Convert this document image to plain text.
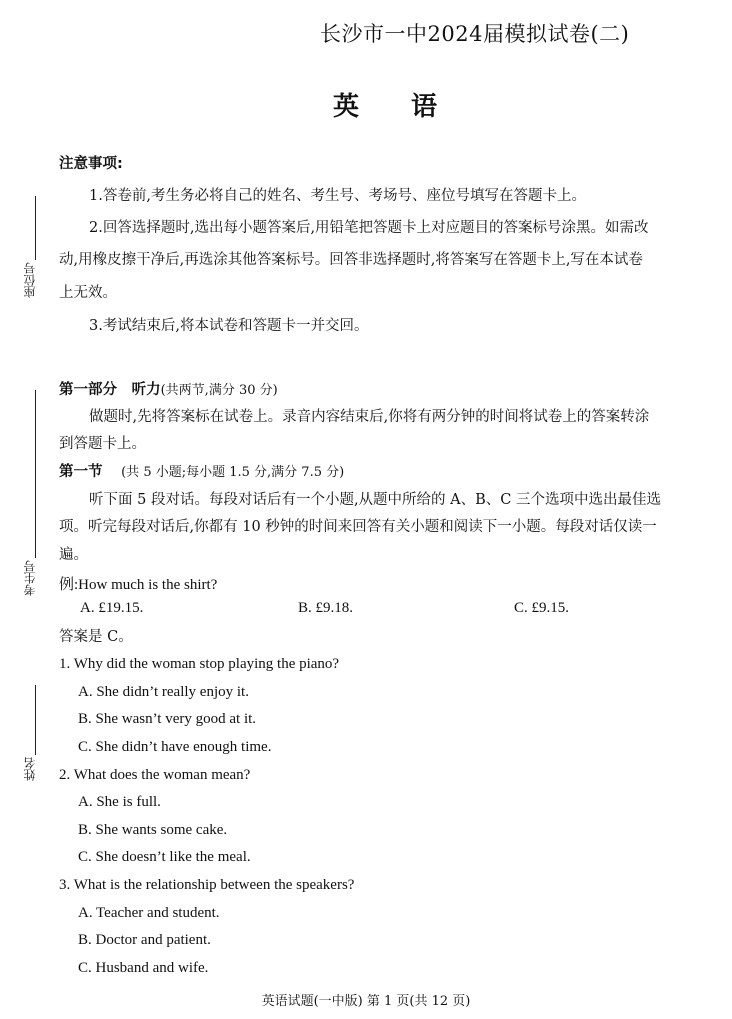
长沙市一中2024届模拟试卷(二)
英语
座位号
考生号
姓名
注意事项:
1.答卷前,考生务必将自己的姓名、考生号、考场号、座位号填写在答题卡上。
2.回答选择题时,选出每小题答案后,用铅笔把答题卡上对应题目的答案标号涂黑。如需改
动,用橡皮擦干净后,再选涂其他答案标号。回答非选择题时,将答案写在答题卡上,写在本试卷
上无效。
3.考试结束后,将本试卷和答题卡一并交回。
第一部分 听力(共两节,满分 30 分)
做题时,先将答案标在试卷上。录音内容结束后,你将有两分钟的时间将试卷上的答案转涂
到答题卡上。
第一节 (共 5 小题;每小题 1.5 分,满分 7.5 分)
听下面 5 段对话。每段对话后有一个小题,从题中所给的 A、B、C 三个选项中选出最佳选
项。听完每段对话后,你都有 10 秒钟的时间来回答有关小题和阅读下一小题。每段对话仅读一
遍。
例:How much is the shirt?
A. £19.15.	B. £9.18.	C. £9.15.
答案是 C。
1. Why did the woman stop playing the piano?
A. She didn’t really enjoy it.
B. She wasn’t very good at it.
C. She didn’t have enough time.
2. What does the woman mean?
A. She is full.
B. She wants some cake.
C. She doesn’t like the meal.
3. What is the relationship between the speakers?
A. Teacher and student.
B. Doctor and patient.
C. Husband and wife.
英语试题(一中版) 第 1 页(共 12 页)
